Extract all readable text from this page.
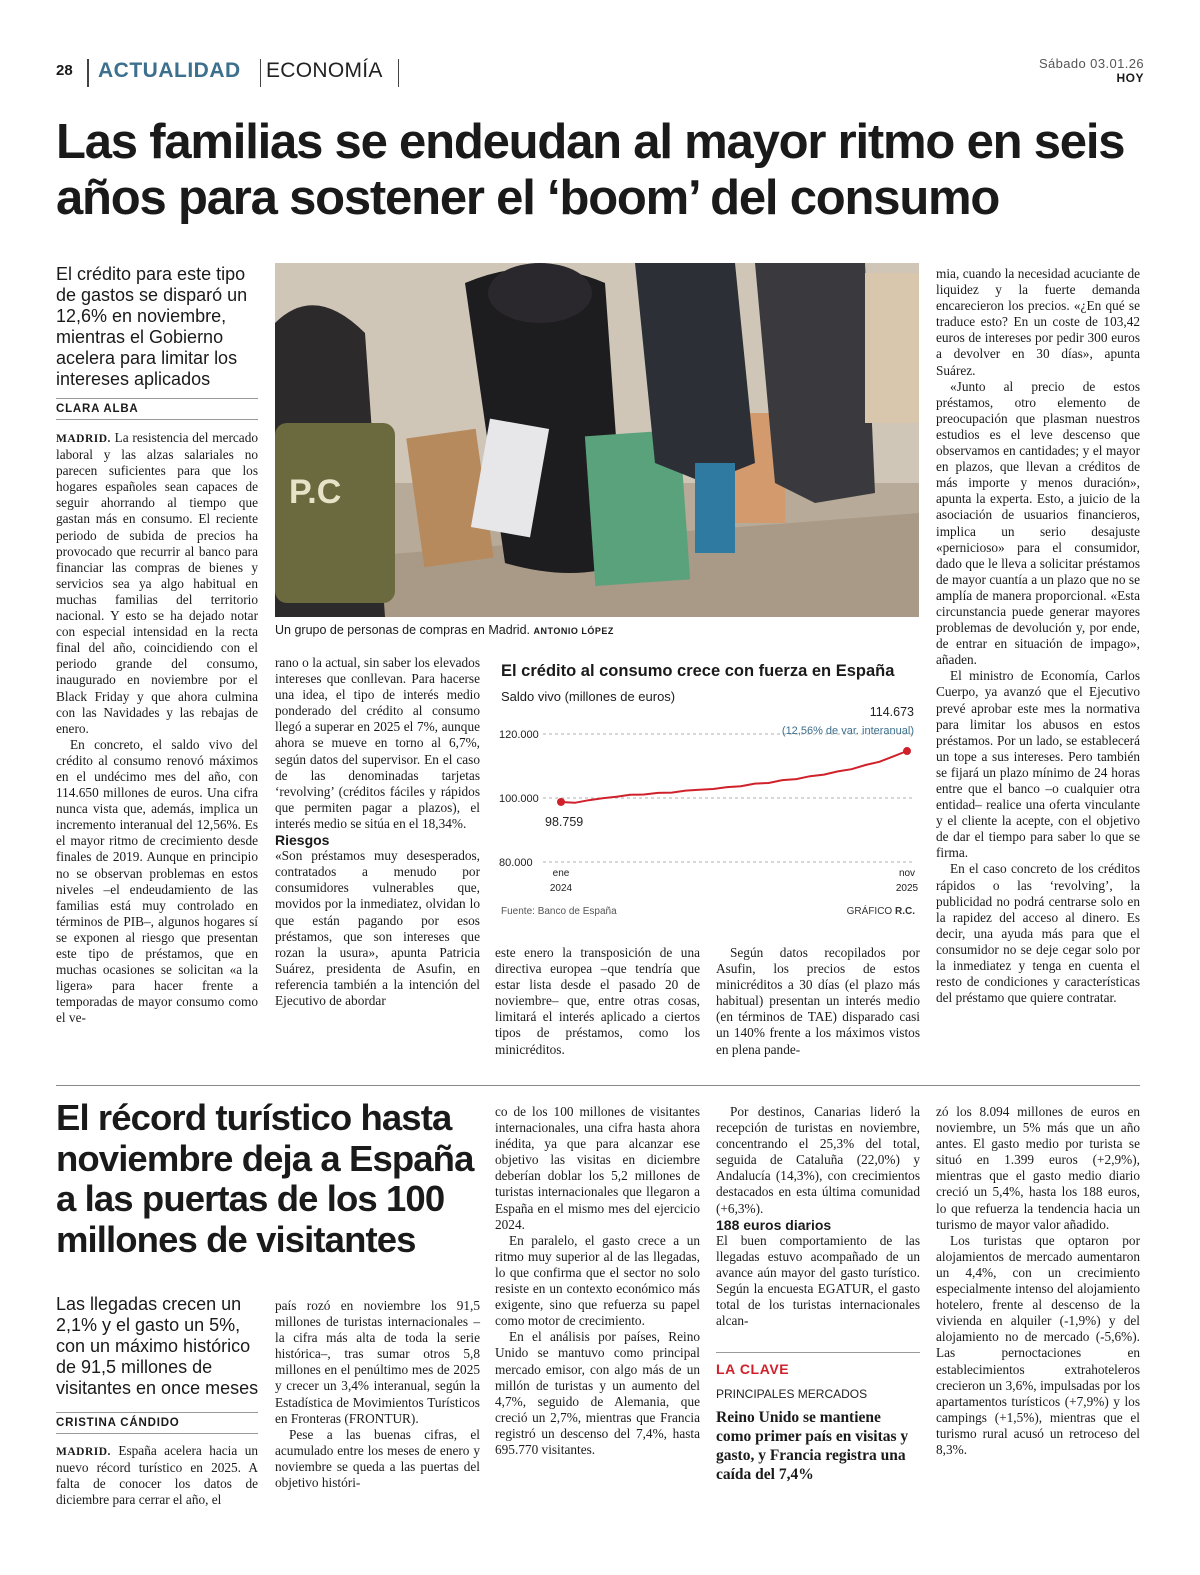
28 ACTUALIDAD ECONOMÍA	Sábado 03.01.26
HOY
Las familias se endeudan al mayor ritmo en seis años para sostener el ‘boom’ del consumo
El crédito para este tipo de gastos se disparó un 12,6% en noviembre, mientras el Gobierno acelera para limitar los intereses aplicados
CLARA ALBA

MADRID. La resistencia del mercado laboral y las alzas salariales no parecen suficientes para que los hogares españoles sean capaces de seguir ahorrando al tiempo que gastan más en consumo. El reciente periodo de subida de precios ha provocado que recurrir al banco para financiar las compras de bienes y servicios sea ya algo habitual en muchas familias del territorio nacional. Y esto se ha dejado notar con especial intensidad en la recta final del año, coincidiendo con el periodo grande del consumo, inaugurado en noviembre por el Black Friday y que ahora culmina con las Navidades y las rebajas de enero.

En concreto, el saldo vivo del crédito al consumo renovó máximos en el undécimo mes del año, con 114.650 millones de euros. Una cifra nunca vista que, además, implica un incremento interanual del 12,56%. Es el mayor ritmo de crecimiento desde finales de 2019. Aunque en principio no se observan problemas en estos niveles –el endeudamiento de las familias está muy controlado en términos de PIB–, algunos hogares sí se exponen al riesgo que presentan este tipo de préstamos, que en muchas ocasiones se solicitan «a la ligera» para hacer frente a temporadas de mayor consumo como el ve-

P.C
Un grupo de personas de compras en Madrid. ANTONIO LÓPEZ

rano o la actual, sin saber los elevados intereses que conllevan. Para hacerse una idea, el tipo de interés medio ponderado del crédito al consumo llegó a superar en 2025 el 7%, aunque ahora se mueve en torno al 6,7%, según datos del supervisor. En el caso de las denominadas tarjetas ‘revolving’ (créditos fáciles y rápidos que permiten pagar a plazos), el interés medio se sitúa en el 18,34%.

Riesgos

«Son préstamos muy desesperados, contratados a menudo por consumidores vulnerables que, movidos por la inmediatez, olvidan lo que están pagando por esos préstamos, que son intereses que rozan la usura», apunta Patricia Suárez, presidenta de Asufin, en referencia también a la intención del Ejecutivo de abordar

El crédito al consumo crece con fuerza en España
Saldo vivo (millones de euros)
120.000
100.000
80.000
98.759
114.673
(12,56% de var. interanual)
ene
2024
nov
2025
Fuente: Banco de España	GRÁFICO R.C.

este enero la transposición de una directiva europea –que tendría que estar lista desde el pasado 20 de noviembre– que, entre otras cosas, limitará el interés aplicado a ciertos tipos de préstamos, como los minicréditos.

Según datos recopilados por Asufin, los precios de estos minicréditos a 30 días (el plazo más habitual) presentan un interés medio (en términos de TAE) disparado casi un 140% frente a los máximos vistos en plena pande-

mia, cuando la necesidad acuciante de liquidez y la fuerte demanda encarecieron los precios. «¿En qué se traduce esto? En un coste de 103,42 euros de intereses por pedir 300 euros a devolver en 30 días», apunta Suárez.

«Junto al precio de estos préstamos, otro elemento de preocupación que plasman nuestros estudios es el leve descenso que observamos en cantidades; y el mayor en plazos, que llevan a créditos de más importe y menos duración», apunta la experta. Esto, a juicio de la asociación de usuarios financieros, implica un serio desajuste «pernicioso» para el consumidor, dado que le lleva a solicitar préstamos de mayor cuantía a un plazo que no se amplía de manera proporcional. «Esta circunstancia puede generar mayores problemas de devolución y, por ende, de entrar en situación de impago», añaden.

El ministro de Economía, Carlos Cuerpo, ya avanzó que el Ejecutivo prevé aprobar este mes la normativa para limitar los abusos en estos préstamos. Por un lado, se establecerá un tope a sus intereses. Pero también se fijará un plazo mínimo de 24 horas entre que el banco –o cualquier otra entidad– realice una oferta vinculante y el cliente la acepte, con el objetivo de dar el tiempo para saber lo que se firma.

En el caso concreto de los créditos rápidos o las ‘revolving’, la publicidad no podrá centrarse solo en la rapidez del acceso al dinero. Es decir, una ayuda más para que el consumidor no se deje cegar solo por la inmediatez y tenga en cuenta el resto de condiciones y características del préstamo que quiere contratar.

El récord turístico hasta noviembre deja a España a las puertas de los 100 millones de visitantes
Las llegadas crecen un 2,1% y el gasto un 5%, con un máximo histórico de 91,5 millones de visitantes en once meses
CRISTINA CÁNDIDO

MADRID. España acelera hacia un nuevo récord turístico en 2025. A falta de conocer los datos de diciembre para cerrar el año, el

país rozó en noviembre los 91,5 millones de turistas internacionales –la cifra más alta de toda la serie histórica–, tras sumar otros 5,8 millones en el penúltimo mes de 2025 y crecer un 3,4% interanual, según la Estadística de Movimientos Turísticos en Fronteras (FRONTUR).

Pese a las buenas cifras, el acumulado entre los meses de enero y noviembre se queda a las puertas del objetivo históri-

co de los 100 millones de visitantes internacionales, una cifra hasta ahora inédita, ya que para alcanzar ese objetivo las visitas en diciembre deberían doblar los 5,2 millones de turistas internacionales que llegaron a España en el mismo mes del ejercicio 2024.

En paralelo, el gasto crece a un ritmo muy superior al de las llegadas, lo que confirma que el sector no solo resiste en un contexto económico más exigente, sino que refuerza su papel como motor de crecimiento.

En el análisis por países, Reino Unido se mantuvo como principal mercado emisor, con algo más de un millón de turistas y un aumento del 4,7%, seguido de Alemania, que creció un 2,7%, mientras que Francia registró un descenso del 7,4%, hasta 695.770 visitantes.

Por destinos, Canarias lideró la recepción de turistas en noviembre, concentrando el 25,3% del total, seguida de Cataluña (22,0%) y Andalucía (14,3%), con crecimientos destacados en esta última comunidad (+6,3%).

188 euros diarios

El buen comportamiento de las llegadas estuvo acompañado de un avance aún mayor del gasto turístico. Según la encuesta EGATUR, el gasto total de los turistas internacionales alcan-

LA CLAVE
PRINCIPALES MERCADOS
Reino Unido se mantiene como primer país en visitas y gasto, y Francia registra una caída del 7,4%

zó los 8.094 millones de euros en noviembre, un 5% más que un año antes. El gasto medio por turista se situó en 1.399 euros (+2,9%), mientras que el gasto medio diario creció un 5,4%, hasta los 188 euros, lo que refuerza la tendencia hacia un turismo de mayor valor añadido.

Los turistas que optaron por alojamientos de mercado aumentaron un 4,4%, con un crecimiento especialmente intenso del alojamiento hotelero, frente al descenso de la vivienda en alquiler (-1,9%) y del alojamiento no de mercado (-5,6%). Las pernoctaciones en establecimientos extrahoteleros crecieron un 3,6%, impulsadas por los apartamentos turísticos (+7,9%) y los campings (+1,5%), mientras que el turismo rural acusó un retroceso del 8,3%.
